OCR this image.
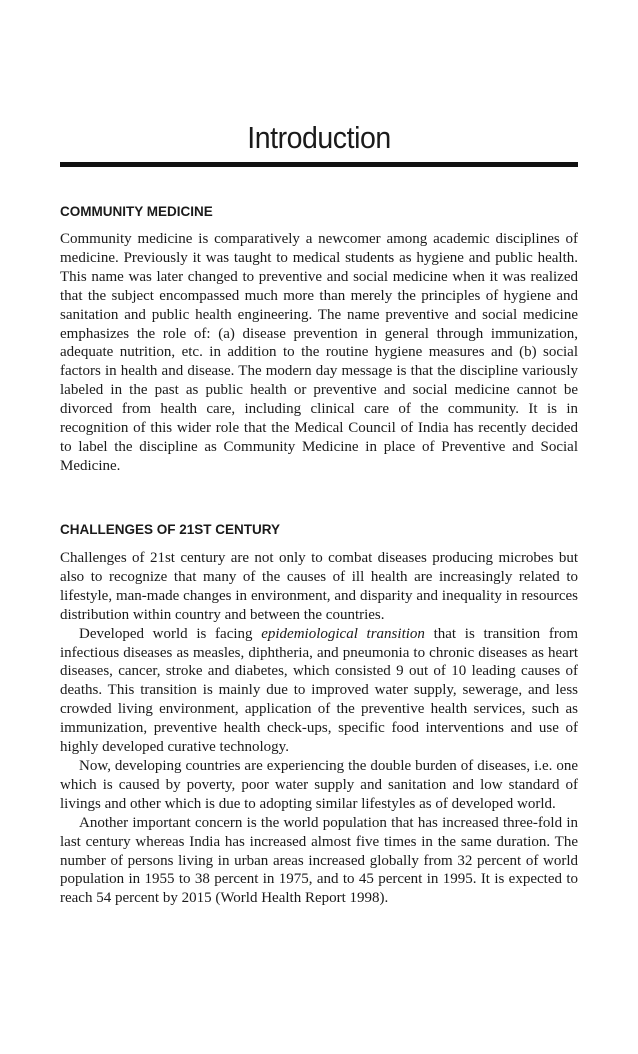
Introduction
COMMUNITY MEDICINE

Community medicine is comparatively a newcomer among academic disciplines of medicine. Previously it was taught to medical students as hygiene and public health. This name was later changed to preventive and social medicine when it was realized that the subject encompassed much more than merely the principles of hygiene and sanitation and public health engineering. The name preventive and social medicine emphasizes the role of: (a) disease prevention in general through immunization, adequate nutrition, etc. in addition to the routine hygiene measures and (b) social factors in health and disease. The modern day message is that the discipline variously labeled in the past as public health or preventive and social medicine cannot be divorced from health care, including clinical care of the community. It is in recognition of this wider role that the Medical Council of India has recently decided to label the discipline as Community Medicine in place of Preventive and Social Medicine.

CHALLENGES OF 21ST CENTURY

Challenges of 21st century are not only to combat diseases producing microbes but also to recognize that many of the causes of ill health are increasingly related to lifestyle, man-made changes in environment, and disparity and inequality in resources distribution within country and between the countries.

Developed world is facing epidemiological transition that is transition from infectious diseases as measles, diphtheria, and pneumonia to chronic diseases as heart diseases, cancer, stroke and diabetes, which consisted 9 out of 10 leading causes of deaths. This transition is mainly due to improved water supply, sewerage, and less crowded living environment, application of the preventive health services, such as immunization, preventive health check-ups, specific food interventions and use of highly developed curative technology.

Now, developing countries are experiencing the double burden of diseases, i.e. one which is caused by poverty, poor water supply and sanitation and low standard of livings and other which is due to adopting similar lifestyles as of developed world.

Another important concern is the world population that has increased three-fold in last century whereas India has increased almost five times in the same duration. The number of persons living in urban areas increased globally from 32 percent of world population in 1955 to 38 percent in 1975, and to 45 percent in 1995. It is expected to reach 54 percent by 2015 (World Health Report 1998).
